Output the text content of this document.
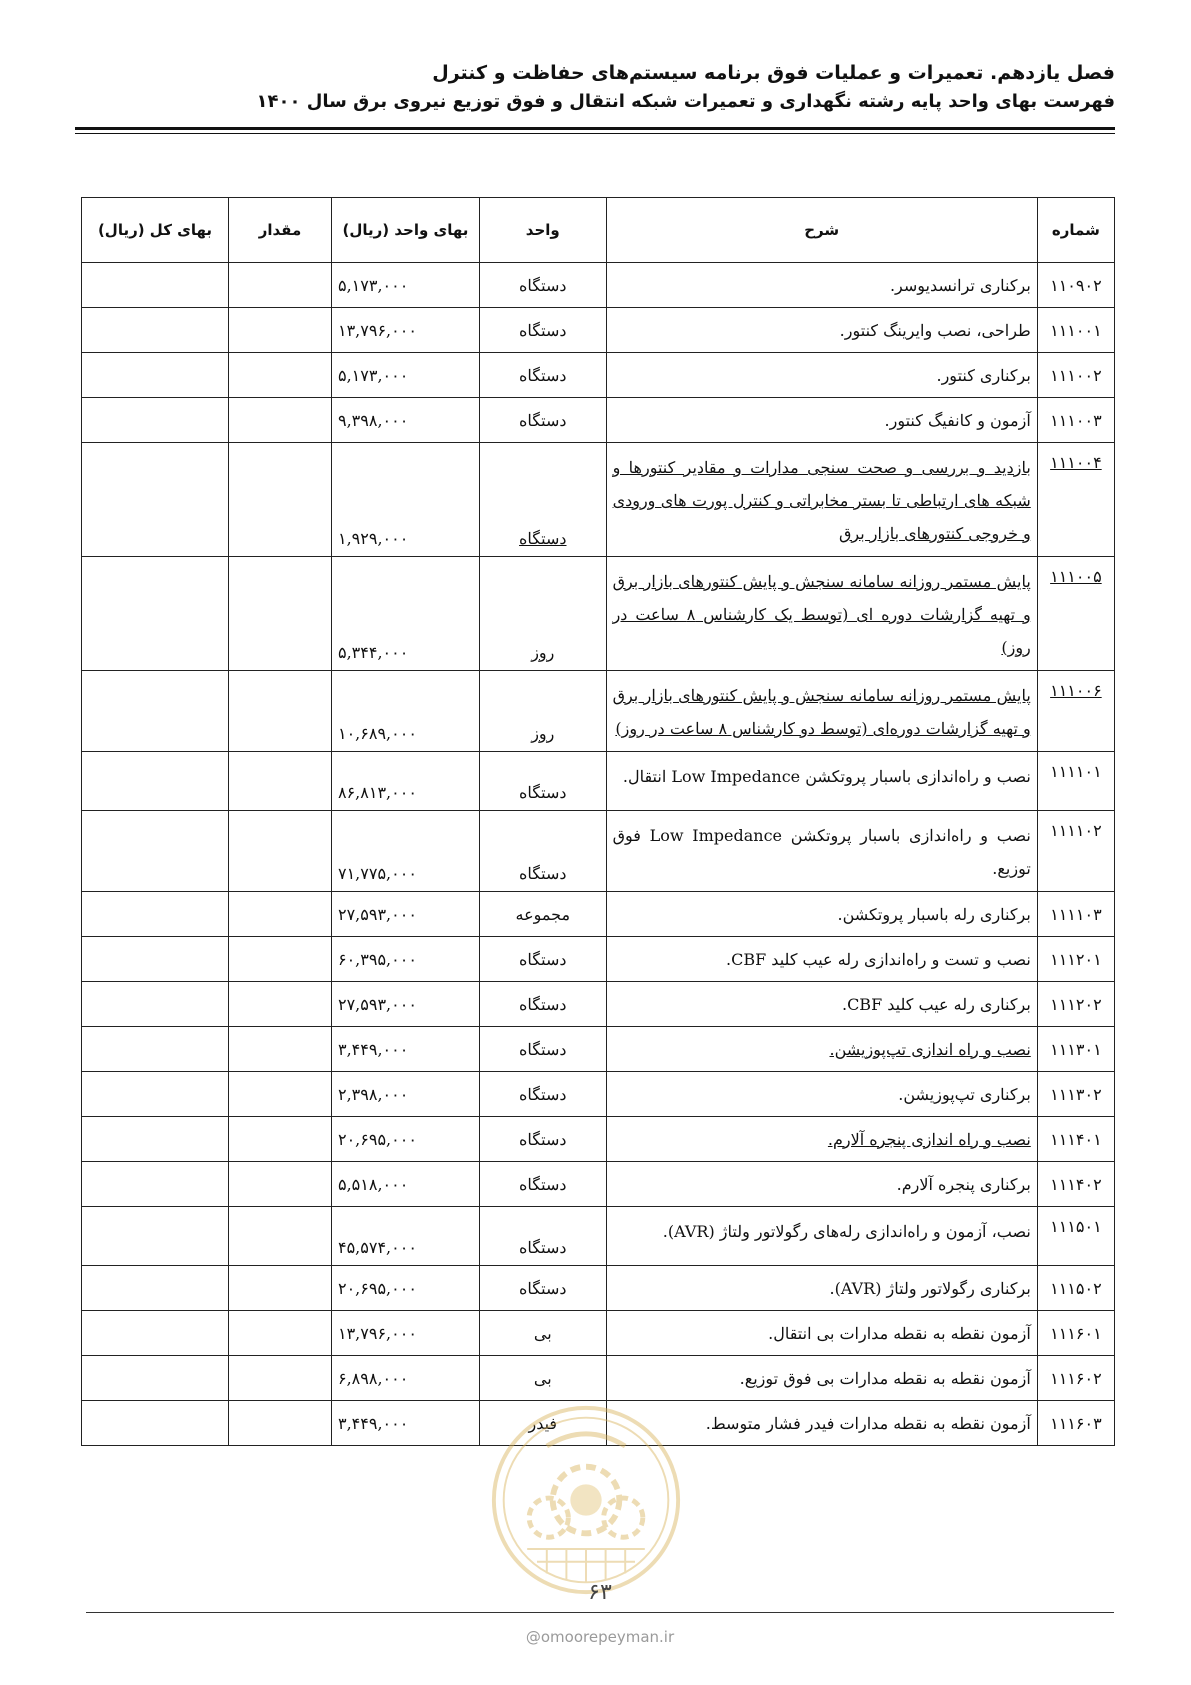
فصل یازدهم. تعمیرات و عملیات فوق برنامه سیستم‌های حفاظت و کنترل
فهرست بهای واحد پایه رشته نگهداری و تعمیرات شبکه انتقال و فوق توزیع نیروی برق سال ۱۴۰۰
شماره	شرح	واحد	بهای واحد (ریال)	مقدار	بهای کل (ریال)
۱۱۰۹۰۲	برکناری ترانسدیوسر.	دستگاه	۵,۱۷۳,۰۰۰		
۱۱۱۰۰۱	طراحی، نصب وایرینگ کنتور.	دستگاه	۱۳,۷۹۶,۰۰۰		
۱۱۱۰۰۲	برکناری کنتور.	دستگاه	۵,۱۷۳,۰۰۰		
۱۱۱۰۰۳	آزمون و کانفیگ کنتور.	دستگاه	۹,۳۹۸,۰۰۰		
۱۱۱۰۰۴	بازدید و بررسی و صحت سنجی مدارات و مقادیر کنتورها و شبکه های ارتباطی تا بستر مخابراتی و کنترل پورت های ورودی و خروجی کنتورهای بازار برق	دستگاه	۱,۹۲۹,۰۰۰		
۱۱۱۰۰۵	پایش مستمر روزانه سامانه سنجش و پایش کنتورهای بازار برق و تهیه گزارشات دوره ای (توسط یک کارشناس ۸ ساعت در روز)	روز	۵,۳۴۴,۰۰۰		
۱۱۱۰۰۶	پایش مستمر روزانه سامانه سنجش و پایش کنتورهای بازار برق و تهیه گزارشات دوره‌ای (توسط دو کارشناس ۸ ساعت در روز)	روز	۱۰,۶۸۹,۰۰۰		
۱۱۱۱۰۱	نصب و راه‌اندازی باسبار پروتکشن Low Impedance انتقال.	دستگاه	۸۶,۸۱۳,۰۰۰		
۱۱۱۱۰۲	نصب و راه‌اندازی باسبار پروتکشن Low Impedance فوق توزیع.	دستگاه	۷۱,۷۷۵,۰۰۰		
۱۱۱۱۰۳	برکناری رله باسبار پروتکشن.	مجموعه	۲۷,۵۹۳,۰۰۰		
۱۱۱۲۰۱	نصب و تست و راه‌اندازی رله عیب کلید CBF.	دستگاه	۶۰,۳۹۵,۰۰۰		
۱۱۱۲۰۲	برکناری رله عیب کلید CBF.	دستگاه	۲۷,۵۹۳,۰۰۰		
۱۱۱۳۰۱	نصب و راه اندازی تپ‌پوزیشن.	دستگاه	۳,۴۴۹,۰۰۰		
۱۱۱۳۰۲	برکناری تپ‌پوزیشن.	دستگاه	۲,۳۹۸,۰۰۰		
۱۱۱۴۰۱	نصب و راه اندازی پنجره آلارم.	دستگاه	۲۰,۶۹۵,۰۰۰		
۱۱۱۴۰۲	برکناری پنجره آلارم.	دستگاه	۵,۵۱۸,۰۰۰		
۱۱۱۵۰۱	نصب، آزمون و راه‌اندازی رله‌های رگولاتور ولتاژ (AVR).	دستگاه	۴۵,۵۷۴,۰۰۰		
۱۱۱۵۰۲	برکناری رگولاتور ولتاژ (AVR).	دستگاه	۲۰,۶۹۵,۰۰۰		
۱۱۱۶۰۱	آزمون نقطه به نقطه مدارات بی انتقال.	بی	۱۳,۷۹۶,۰۰۰		
۱۱۱۶۰۲	آزمون نقطه به نقطه مدارات بی فوق توزیع.	بی	۶,۸۹۸,۰۰۰		
۱۱۱۶۰۳	آزمون نقطه به نقطه مدارات فیدر فشار متوسط.	فیدر	۳,۴۴۹,۰۰۰		
۶۳
@omoorepeyman.ir
